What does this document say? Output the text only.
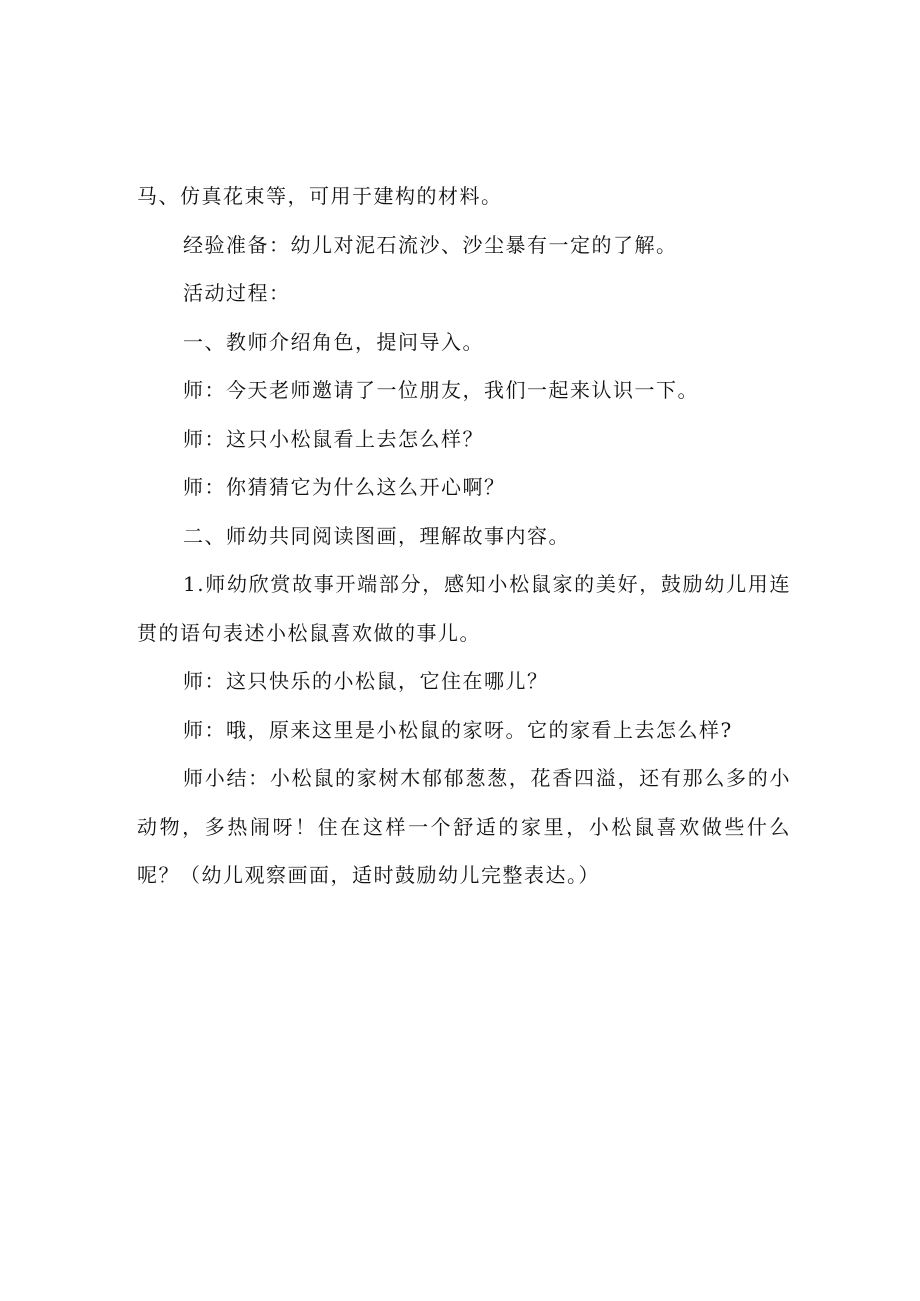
马、仿真花束等，可用于建构的材料。

经验准备：幼儿对泥石流沙、沙尘暴有一定的了解。

活动过程：

一、教师介绍角色，提问导入。

师：今天老师邀请了一位朋友，我们一起来认识一下。

师：这只小松鼠看上去怎么样？

师：你猜猜它为什么这么开心啊？

二、师幼共同阅读图画，理解故事内容。

1.师幼欣赏故事开端部分，感知小松鼠家的美好，鼓励幼儿用连贯的语句表述小松鼠喜欢做的事儿。

师：这只快乐的小松鼠，它住在哪儿？

师：哦，原来这里是小松鼠的家呀。它的家看上去怎么样?

师小结：小松鼠的家树木郁郁葱葱，花香四溢，还有那么多的小动物，多热闹呀！住在这样一个舒适的家里，小松鼠喜欢做些什么呢？（幼儿观察画面，适时鼓励幼儿完整表达。）
